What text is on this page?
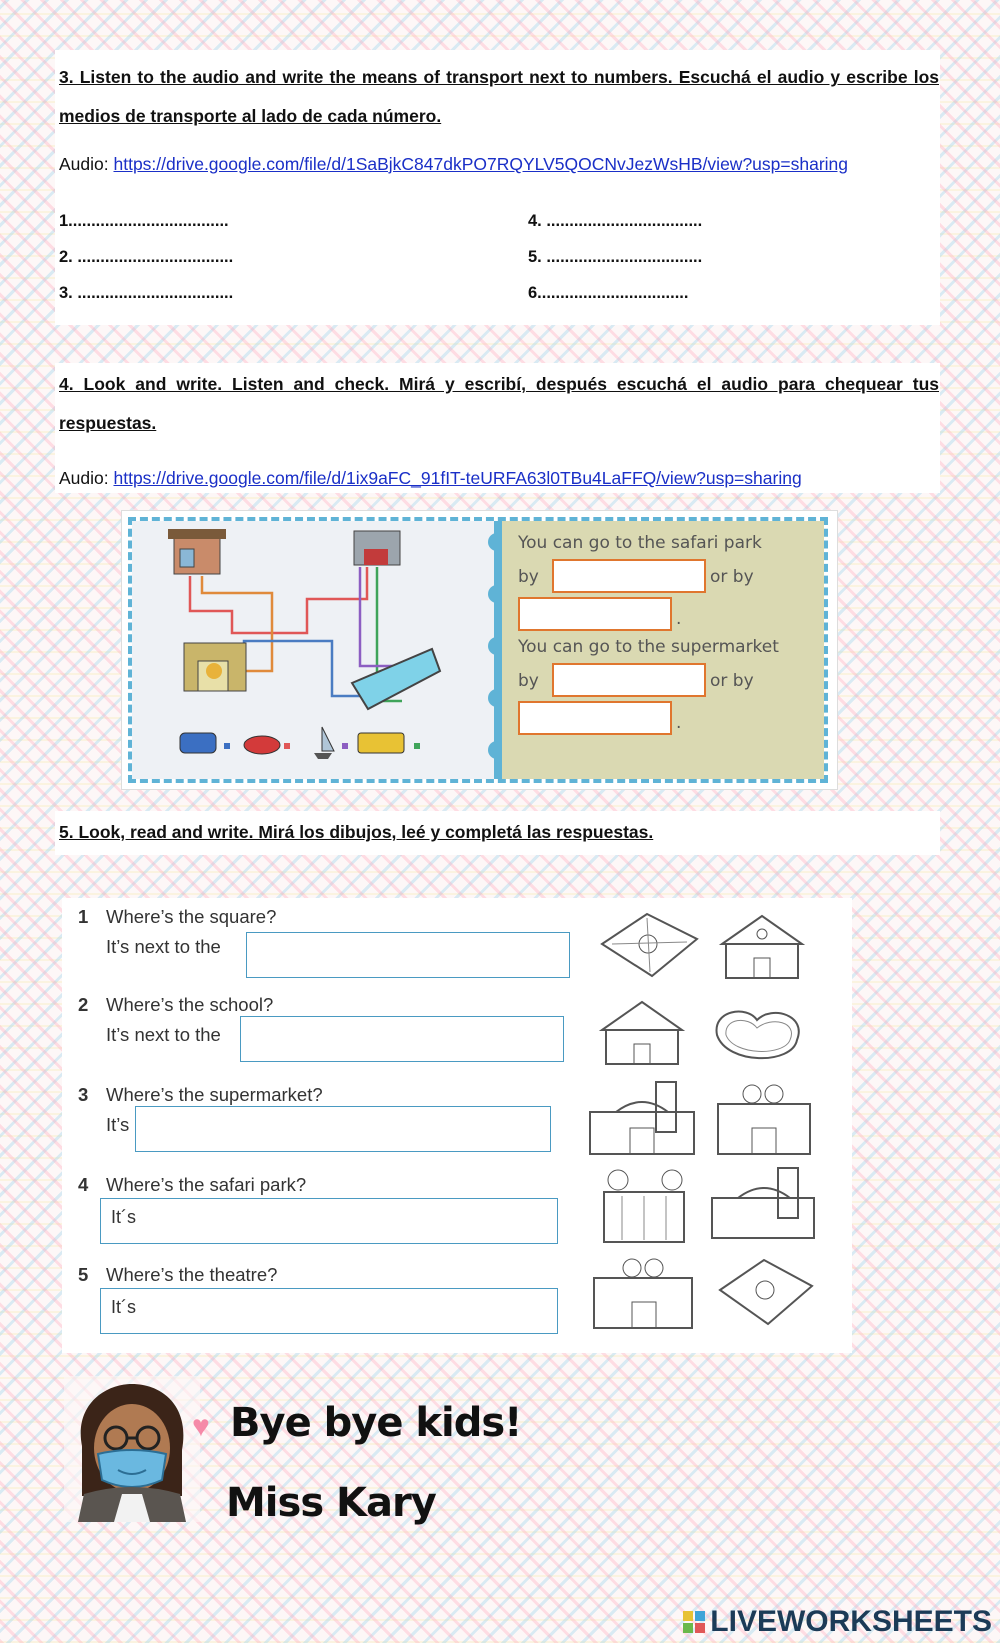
3. Listen to the audio and write the means of transport next to numbers. Escuchá el audio y escribe los medios de transporte al lado de cada número.

Audio: https://drive.google.com/file/d/1SaBjkC847dkPO7RQYLV5QOCNvJezWsHB/view?usp=sharing

1...................................
2. ..................................
3. ..................................
4. ..................................
5. ..................................
6.................................

4. Look and write. Listen and check. Mirá y escribí, después escuchá el audio para chequear tus respuestas.

Audio: https://drive.google.com/file/d/1ix9aFC_91fIT-teURFA63l0TBu4LaFFQ/view?usp=sharing

You can go to the safari park
by	or by
.
You can go to the supermarket
by	or by
.

5. Look, read and write. Mirá los dibujos, leé y completá las respuestas.

1 Where’s the square?
It’s next to the
2 Where’s the school?
It’s next to the
3 Where’s the supermarket?
It’s
4 Where’s the safari park?
It´s
5 Where’s the theatre?
It´s
♥ Bye bye kids!
Miss Kary
LIVEWORKSHEETS
